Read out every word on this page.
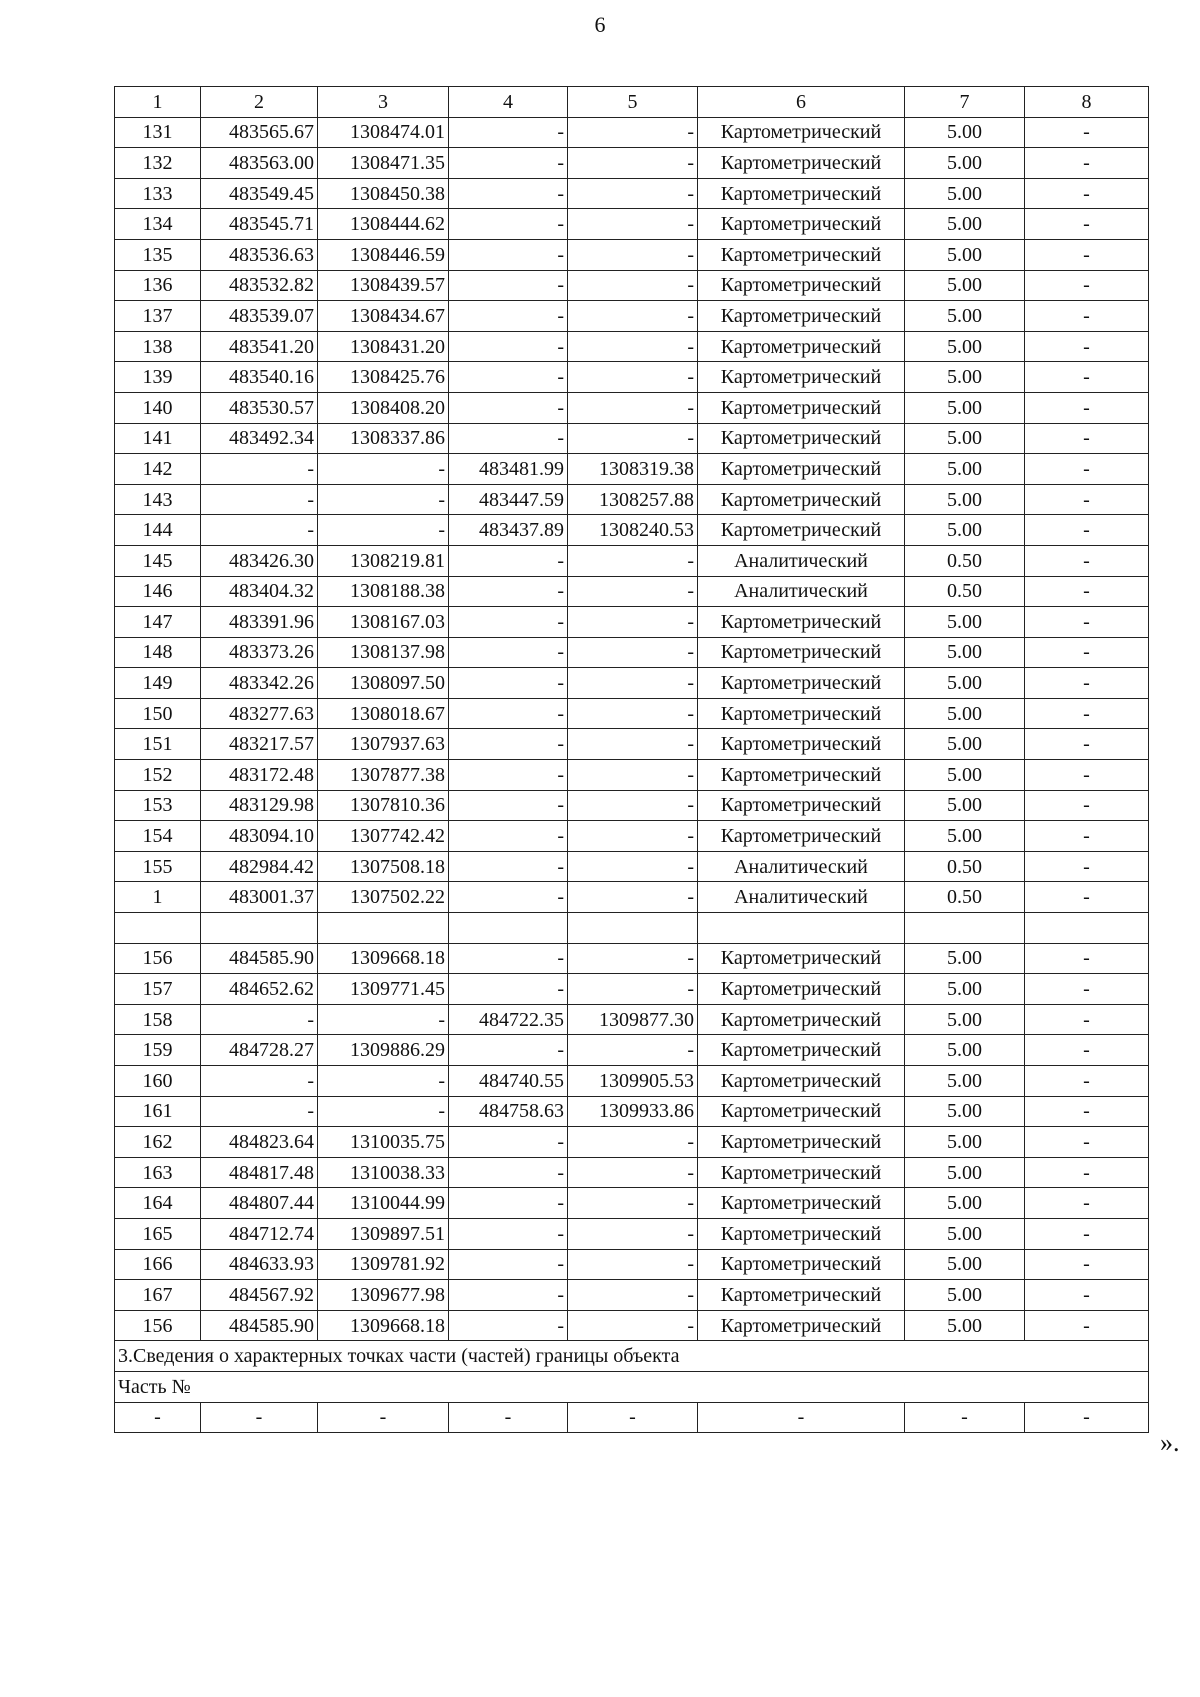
6
1	2	3	4	5	6	7	8
131	483565.67	1308474.01	-	-	Картометрический	5.00	-
132	483563.00	1308471.35	-	-	Картометрический	5.00	-
133	483549.45	1308450.38	-	-	Картометрический	5.00	-
134	483545.71	1308444.62	-	-	Картометрический	5.00	-
135	483536.63	1308446.59	-	-	Картометрический	5.00	-
136	483532.82	1308439.57	-	-	Картометрический	5.00	-
137	483539.07	1308434.67	-	-	Картометрический	5.00	-
138	483541.20	1308431.20	-	-	Картометрический	5.00	-
139	483540.16	1308425.76	-	-	Картометрический	5.00	-
140	483530.57	1308408.20	-	-	Картометрический	5.00	-
141	483492.34	1308337.86	-	-	Картометрический	5.00	-
142	-	-	483481.99	1308319.38	Картометрический	5.00	-
143	-	-	483447.59	1308257.88	Картометрический	5.00	-
144	-	-	483437.89	1308240.53	Картометрический	5.00	-
145	483426.30	1308219.81	-	-	Аналитический	0.50	-
146	483404.32	1308188.38	-	-	Аналитический	0.50	-
147	483391.96	1308167.03	-	-	Картометрический	5.00	-
148	483373.26	1308137.98	-	-	Картометрический	5.00	-
149	483342.26	1308097.50	-	-	Картометрический	5.00	-
150	483277.63	1308018.67	-	-	Картометрический	5.00	-
151	483217.57	1307937.63	-	-	Картометрический	5.00	-
152	483172.48	1307877.38	-	-	Картометрический	5.00	-
153	483129.98	1307810.36	-	-	Картометрический	5.00	-
154	483094.10	1307742.42	-	-	Картометрический	5.00	-
155	482984.42	1307508.18	-	-	Аналитический	0.50	-
1	483001.37	1307502.22	-	-	Аналитический	0.50	-

156	484585.90	1309668.18	-	-	Картометрический	5.00	-
157	484652.62	1309771.45	-	-	Картометрический	5.00	-
158	-	-	484722.35	1309877.30	Картометрический	5.00	-
159	484728.27	1309886.29	-	-	Картометрический	5.00	-
160	-	-	484740.55	1309905.53	Картометрический	5.00	-
161	-	-	484758.63	1309933.86	Картометрический	5.00	-
162	484823.64	1310035.75	-	-	Картометрический	5.00	-
163	484817.48	1310038.33	-	-	Картометрический	5.00	-
164	484807.44	1310044.99	-	-	Картометрический	5.00	-
165	484712.74	1309897.51	-	-	Картометрический	5.00	-
166	484633.93	1309781.92	-	-	Картометрический	5.00	-
167	484567.92	1309677.98	-	-	Картометрический	5.00	-
156	484585.90	1309668.18	-	-	Картометрический	5.00	-
3.Сведения о характерных точках части (частей) границы объекта							
Часть №							
-	-	-	-	-	-	-	-
».
